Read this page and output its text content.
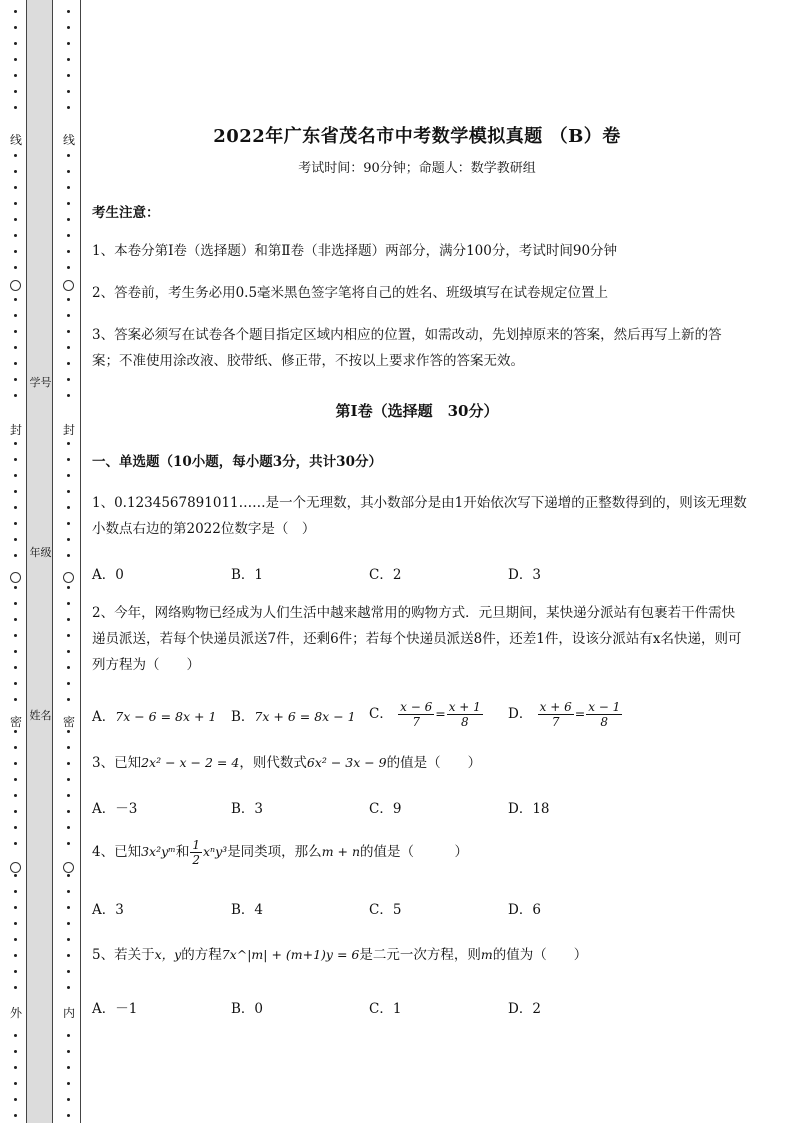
线
封
密
外
学号
年级
姓名
线
封
密
内
2022年广东省茂名市中考数学模拟真题 （B）卷
考试时间：90分钟；命题人：数学教研组
考生注意：
1、本卷分第I卷（选择题）和第Ⅱ卷（非选择题）两部分，满分100分，考试时间90分钟
2、答卷前，考生务必用0.5毫米黑色签字笔将自己的姓名、班级填写在试卷规定位置上
3、答案必须写在试卷各个题目指定区域内相应的位置，如需改动，先划掉原来的答案，然后再写上新的答案；不准使用涂改液、胶带纸、修正带，不按以上要求作答的答案无效。
第I卷（选择题　30分）
一、单选题（10小题，每小题3分，共计30分）
1、0.1234567891011……是一个无理数，其小数部分是由1开始依次写下递增的正整数得到的，则该无理数小数点右边的第2022位数字是（　）
A．0	B．1	C．2	D．3
2、今年，网络购物已经成为人们生活中越来越常用的购物方式．元旦期间，某快递分派站有包裹若干件需快递员派送，若每个快递员派送7件，还剩6件；若每个快递员派送8件，还差1件，设该分派站有x名快递，则可列方程为（　　）
A．7x − 6 = 8x + 1 B．7x + 6 = 8x − 1 C． $\frac{x - 6}{7} = \frac{x + 1}{8}$ D． $\frac{x + 6}{7} = \frac{x - 1}{8}$
3、已知2x² − x − 2 = 4，则代数式6x² − 3x − 9的值是（　　）
A．－3	B．3	C．9	D．18
4、已知3x²yᵐ和 $\frac{1}{2} x^ny^3$是同类项，那么m + n的值是（　　　）
A．3	B．4	C．5	D．6
5、若关于x，y的方程7x^|m| + (m+1)y = 6是二元一次方程，则m的值为（　　）
A．－1	B．0	C．1	D．2
